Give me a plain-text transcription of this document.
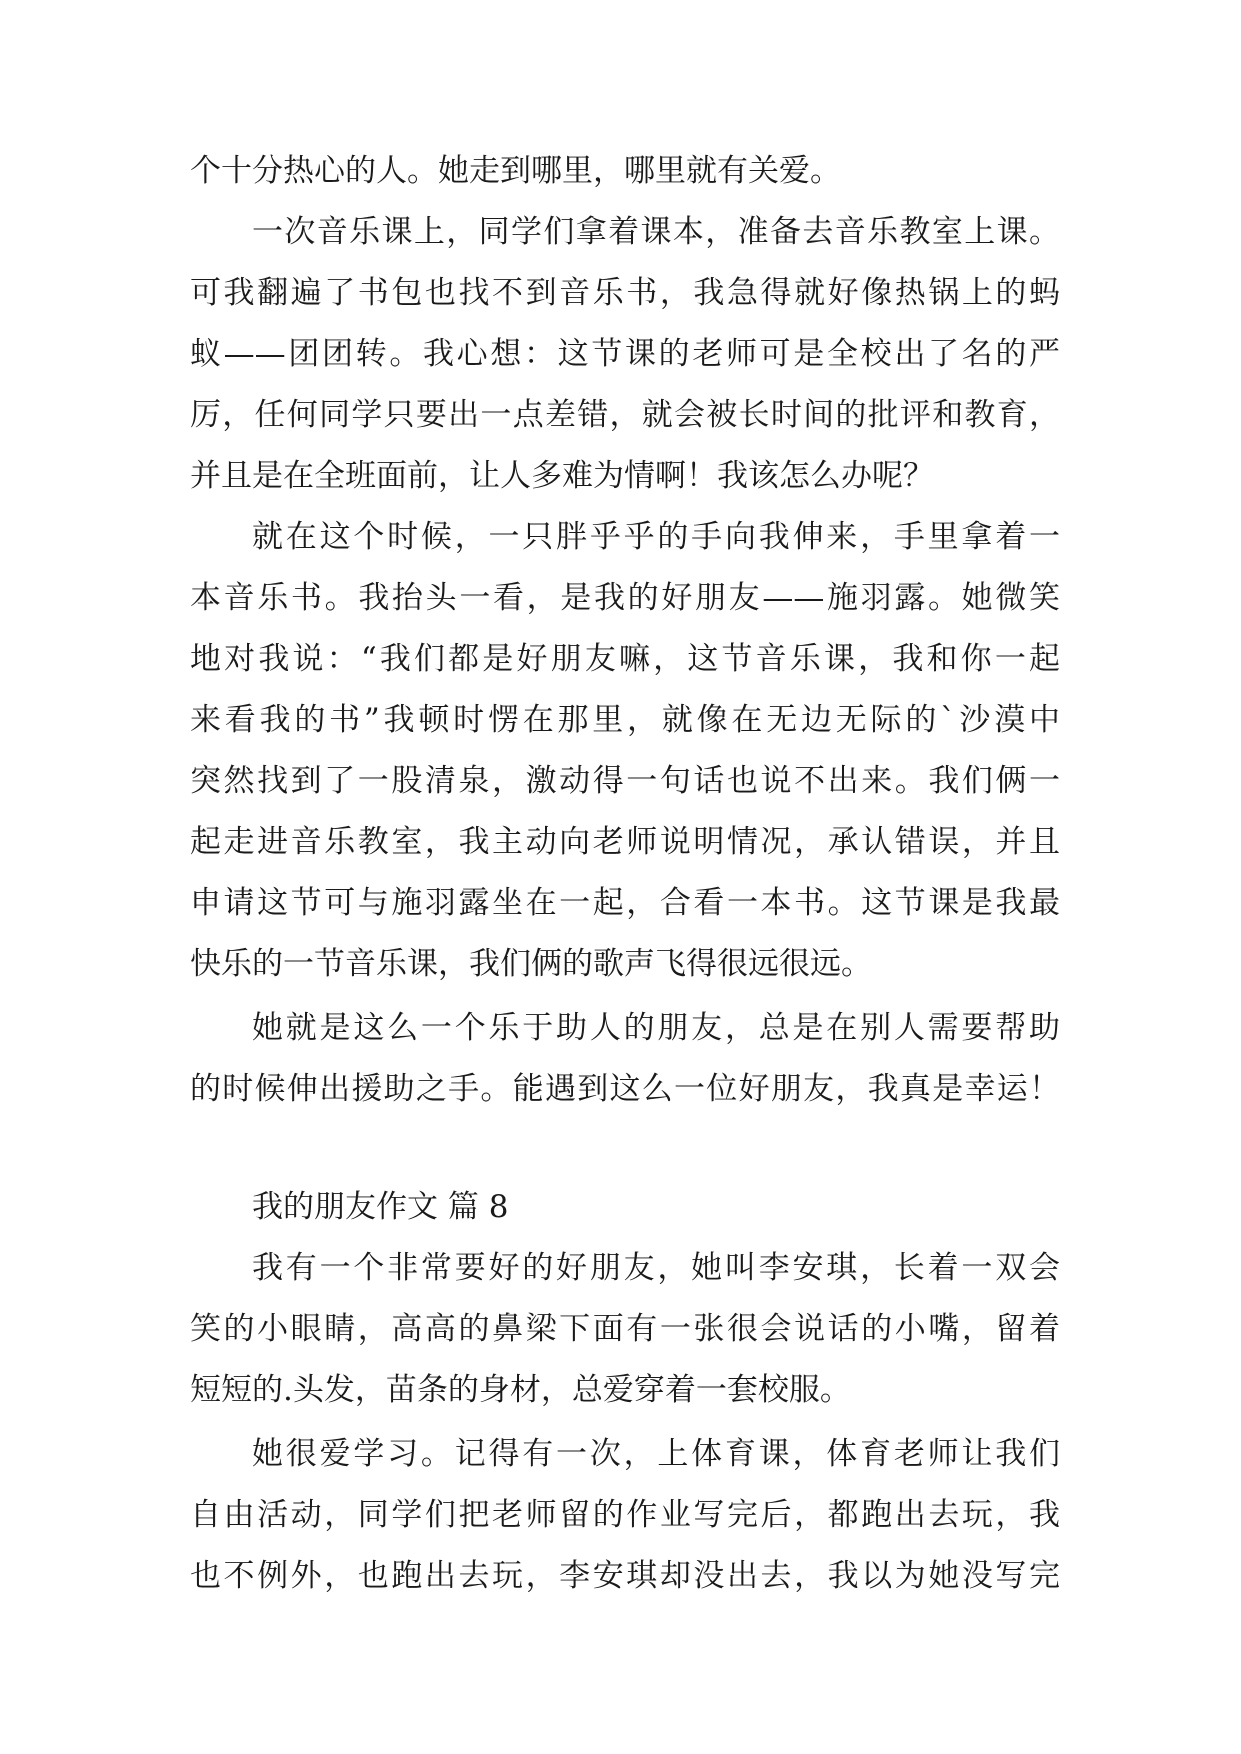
个十分热心的人。她走到哪里，哪里就有关爱。
一次音乐课上，同学们拿着课本，准备去音乐教室上课。
可我翻遍了书包也找不到音乐书，我急得就好像热锅上的蚂
蚁——团团转。我心想：这节课的老师可是全校出了名的严
厉，任何同学只要出一点差错，就会被长时间的批评和教育，
并且是在全班面前，让人多难为情啊！我该怎么办呢？
就在这个时候，一只胖乎乎的手向我伸来，手里拿着一
本音乐书。我抬头一看，是我的好朋友——施羽露。她微笑
地对我说：“我们都是好朋友嘛，这节音乐课，我和你一起
来看我的书”我顿时愣在那里，就像在无边无际的`沙漠中
突然找到了一股清泉，激动得一句话也说不出来。我们俩一
起走进音乐教室，我主动向老师说明情况，承认错误，并且
申请这节可与施羽露坐在一起，合看一本书。这节课是我最
快乐的一节音乐课，我们俩的歌声飞得很远很远。
她就是这么一个乐于助人的朋友，总是在别人需要帮助
的时候伸出援助之手。能遇到这么一位好朋友，我真是幸运！
我的朋友作文 篇 8
我有一个非常要好的好朋友，她叫李安琪，长着一双会
笑的小眼睛，高高的鼻梁下面有一张很会说话的小嘴，留着
短短的.头发，苗条的身材，总爱穿着一套校服。
她很爱学习。记得有一次，上体育课，体育老师让我们
自由活动，同学们把老师留的作业写完后，都跑出去玩，我
也不例外，也跑出去玩，李安琪却没出去，我以为她没写完
